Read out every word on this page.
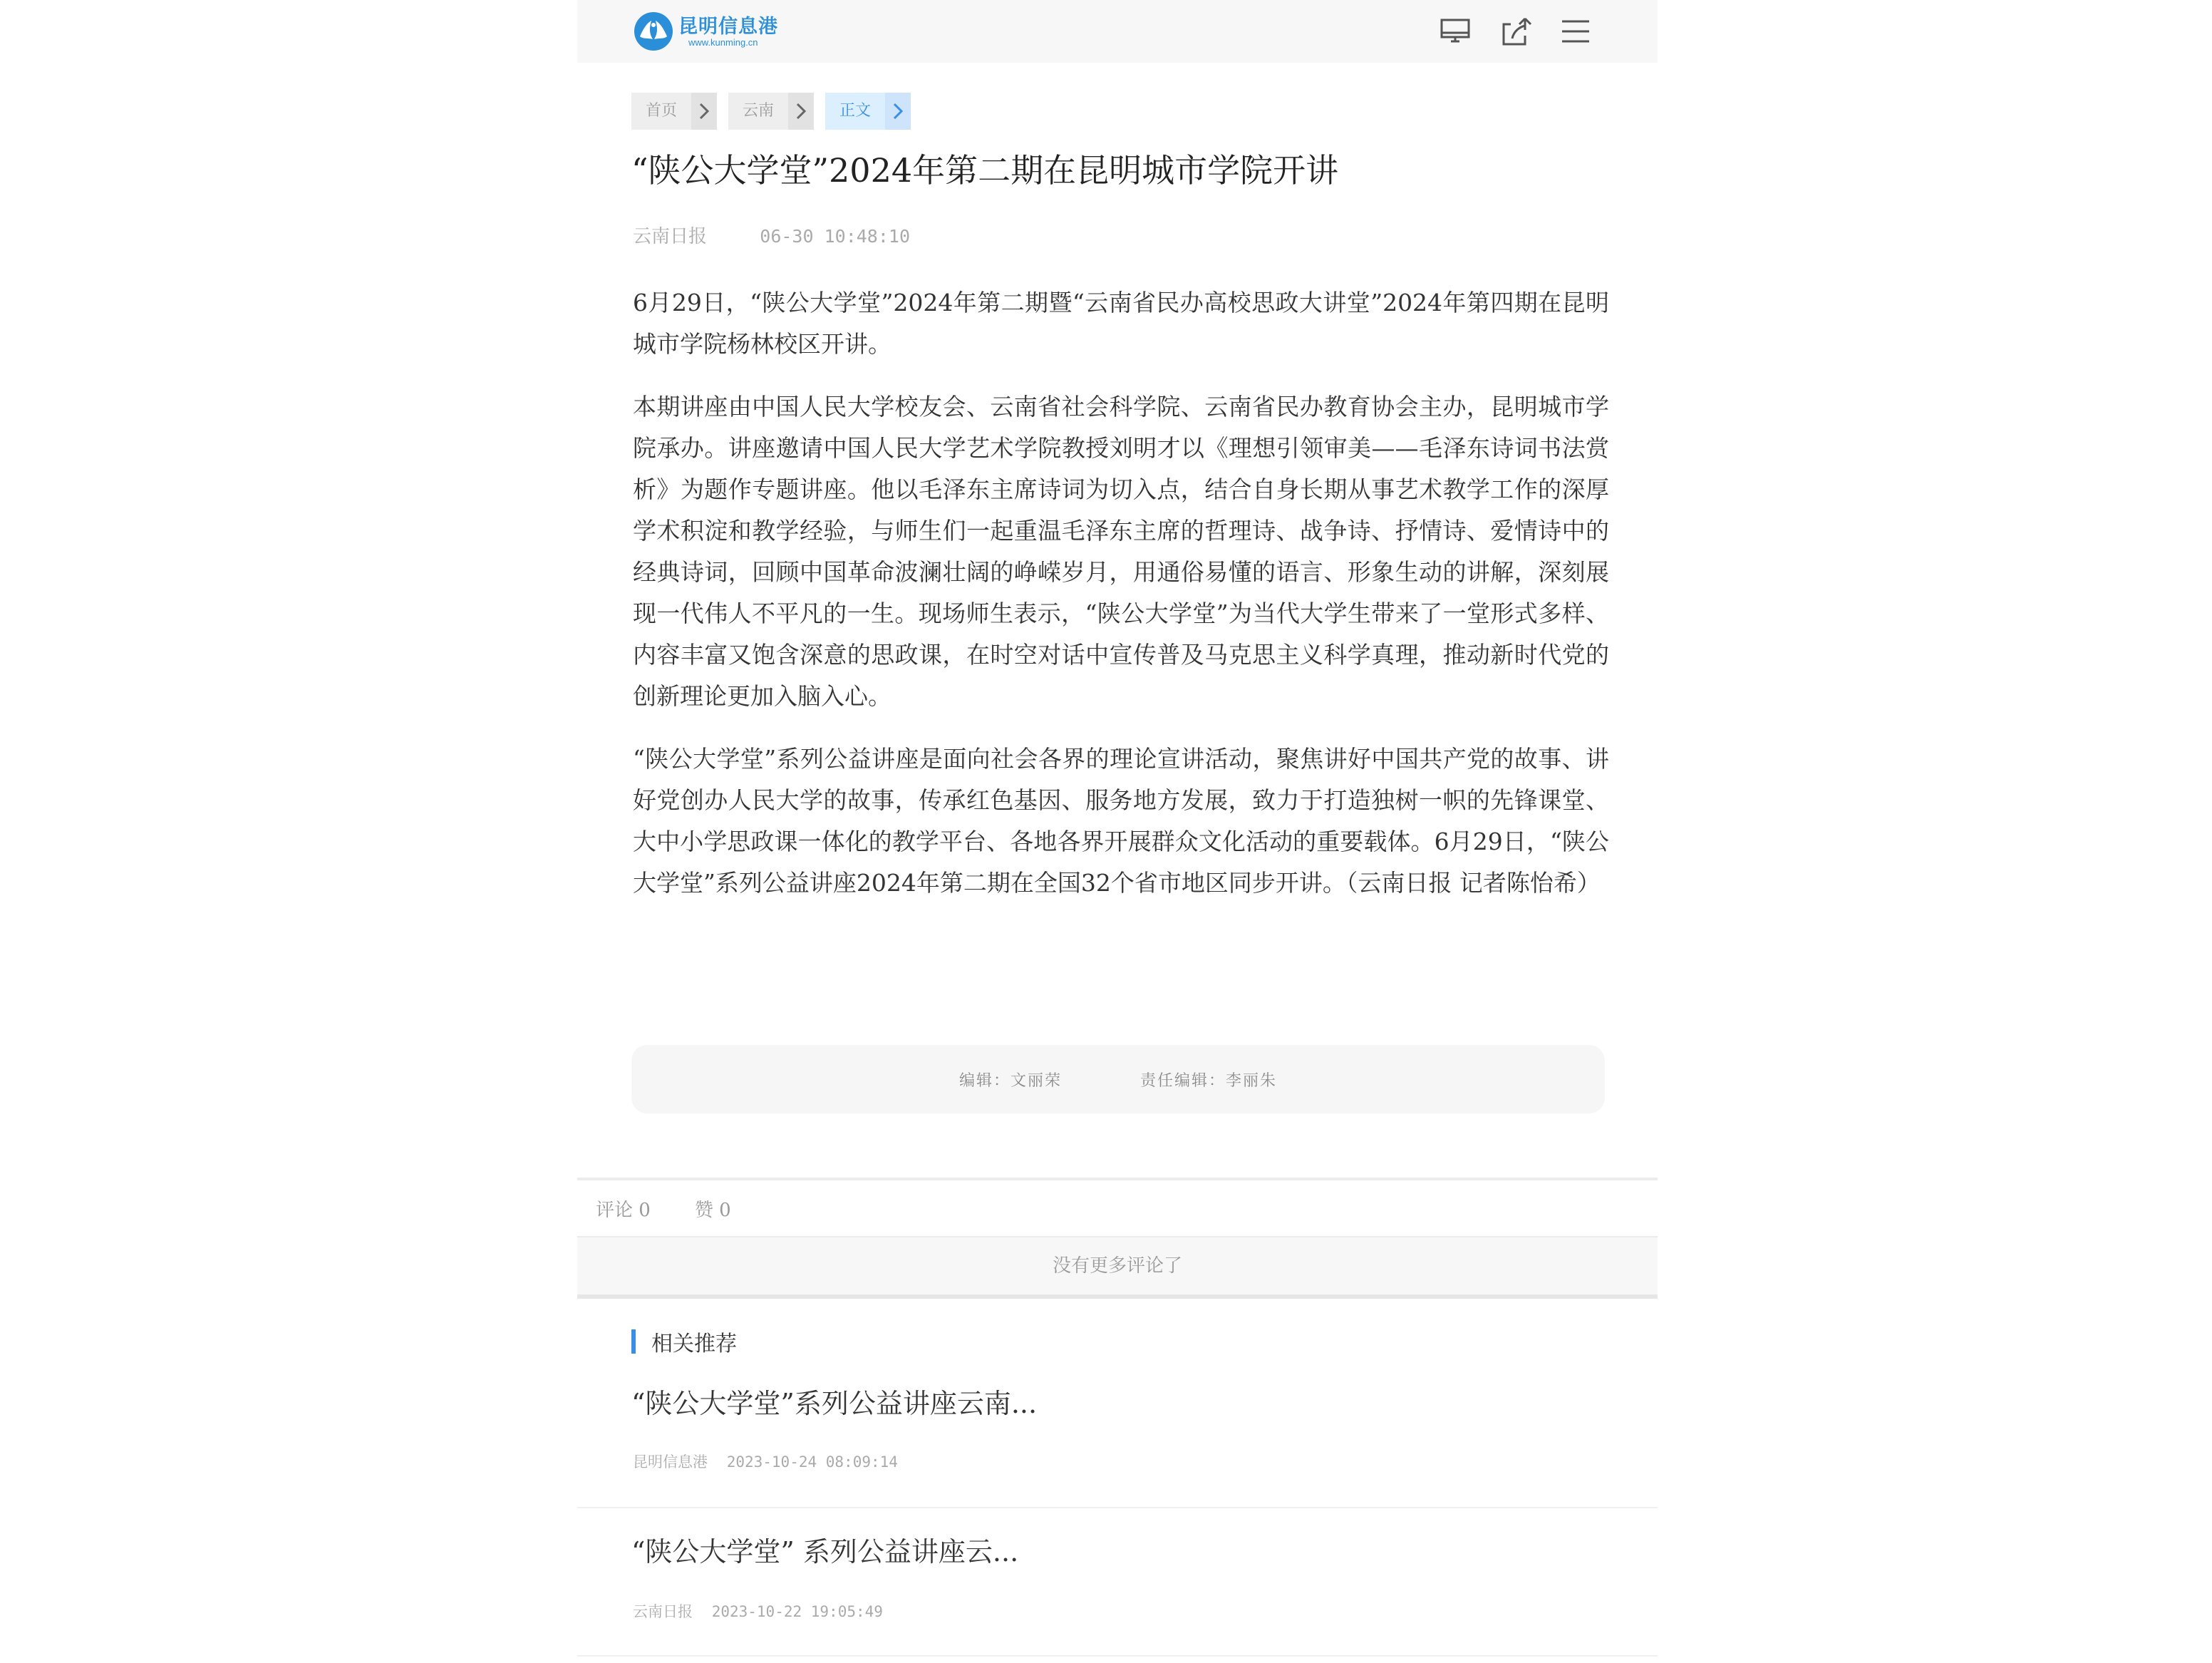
昆明信息港
www.kunming.cn
首页	云南	正文
“陕公大学堂”2024年第二期在昆明城市学院开讲
云南日报	06-30 10:48:10

6月29日，“陕公大学堂”2024年第二期暨“云南省民办高校思政大讲堂”2024年第四期在昆明城市学院杨林校区开讲。

本期讲座由中国人民大学校友会、云南省社会科学院、云南省民办教育协会主办，昆明城市学院承办。讲座邀请中国人民大学艺术学院教授刘明才以《理想引领审美——毛泽东诗词书法赏析》为题作专题讲座。他以毛泽东主席诗词为切入点，结合自身长期从事艺术教学工作的深厚学术积淀和教学经验，与师生们一起重温毛泽东主席的哲理诗、战争诗、抒情诗、爱情诗中的经典诗词，回顾中国革命波澜壮阔的峥嵘岁月，用通俗易懂的语言、形象生动的讲解，深刻展现一代伟人不平凡的一生。现场师生表示，“陕公大学堂”为当代大学生带来了一堂形式多样、内容丰富又饱含深意的思政课，在时空对话中宣传普及马克思主义科学真理，推动新时代党的创新理论更加入脑入心。

“陕公大学堂”系列公益讲座是面向社会各界的理论宣讲活动，聚焦讲好中国共产党的故事、讲好党创办人民大学的故事，传承红色基因、服务地方发展，致力于打造独树一帜的先锋课堂、大中小学思政课一体化的教学平台、各地各界开展群众文化活动的重要载体。6月29日，“陕公大学堂”系列公益讲座2024年第二期在全国32个省市地区同步开讲。（云南日报 记者陈怡希）

编辑：文丽荣	责任编辑：李丽朱
评论 0 赞 0
没有更多评论了
相关推荐
“陕公大学堂”系列公益讲座云南...
昆明信息港 2023-10-24 08:09:14
“陕公大学堂” 系列公益讲座云...
云南日报 2023-10-22 19:05:49
